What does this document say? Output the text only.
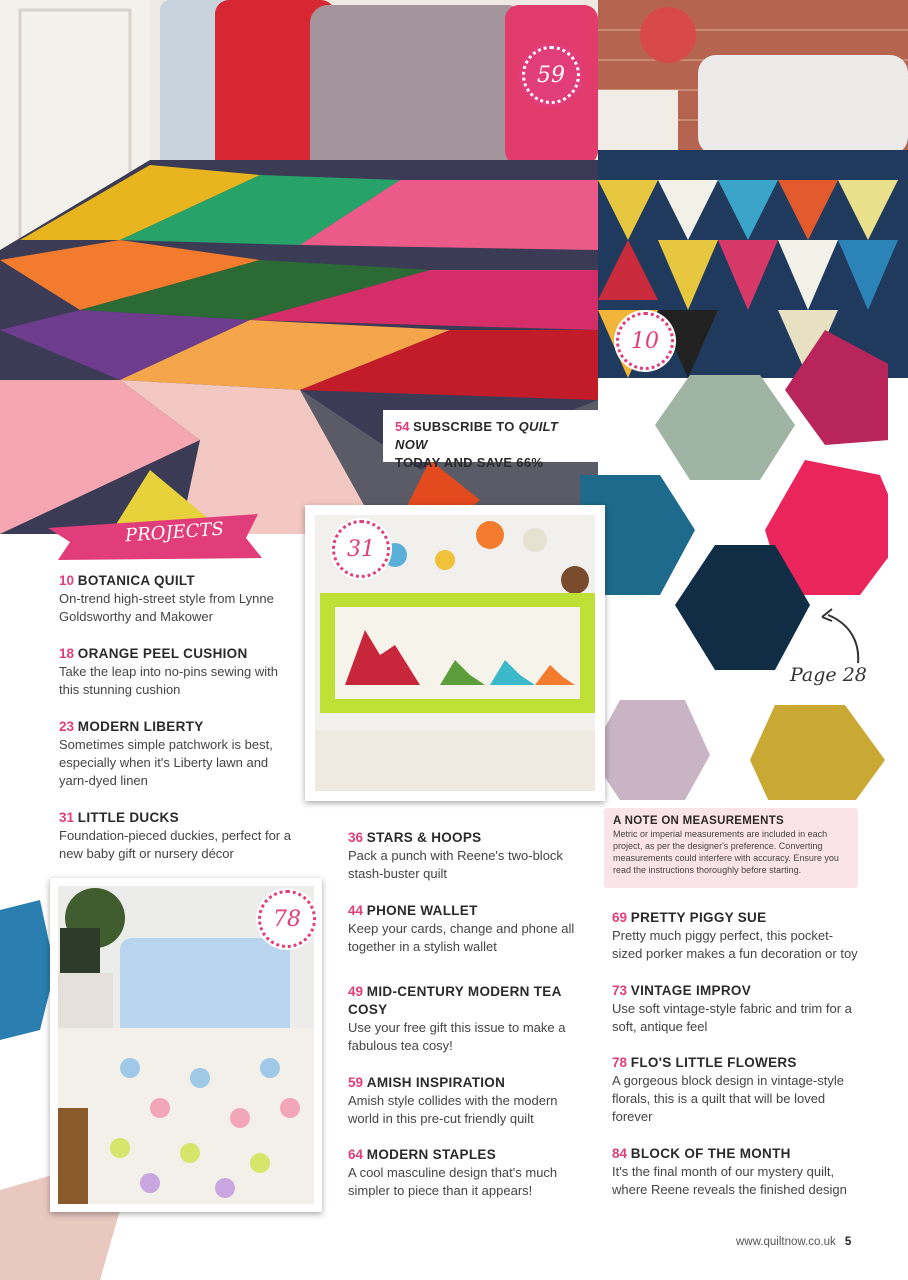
59
10
54 SUBSCRIBE TO QUILT NOW
TODAY AND SAVE 66%
Page 28
PROJECTS
31
78
10 BOTANICA QUILT
On-trend high-street style from Lynne Goldsworthy and Makower
18 ORANGE PEEL CUSHION
Take the leap into no-pins sewing with this stunning cushion
23 MODERN LIBERTY
Sometimes simple patchwork is best, especially when it's Liberty lawn and yarn-dyed linen
31 LITTLE DUCKS
Foundation-pieced duckies, perfect for a new baby gift or nursery décor
36 STARS & HOOPS
Pack a punch with Reene's two-block stash-buster quilt
44 PHONE WALLET
Keep your cards, change and phone all together in a stylish wallet
49 MID-CENTURY MODERN TEA COSY
Use your free gift this issue to make a fabulous tea cosy!
59 AMISH INSPIRATION
Amish style collides with the modern world in this pre-cut friendly quilt
64 MODERN STAPLES
A cool masculine design that's much simpler to piece than it appears!
A NOTE ON MEASUREMENTS
Metric or imperial measurements are included in each project, as per the designer's preference. Converting measurements could interfere with accuracy. Ensure you read the instructions thoroughly before starting.
69 PRETTY PIGGY SUE
Pretty much piggy perfect, this pocket-sized porker makes a fun decoration or toy
73 VINTAGE IMPROV
Use soft vintage-style fabric and trim for a soft, antique feel
78 FLO'S LITTLE FLOWERS
A gorgeous block design in vintage-style florals, this is a quilt that will be loved forever
84 BLOCK OF THE MONTH
It's the final month of our mystery quilt, where Reene reveals the finished design
www.quiltnow.co.uk 5
